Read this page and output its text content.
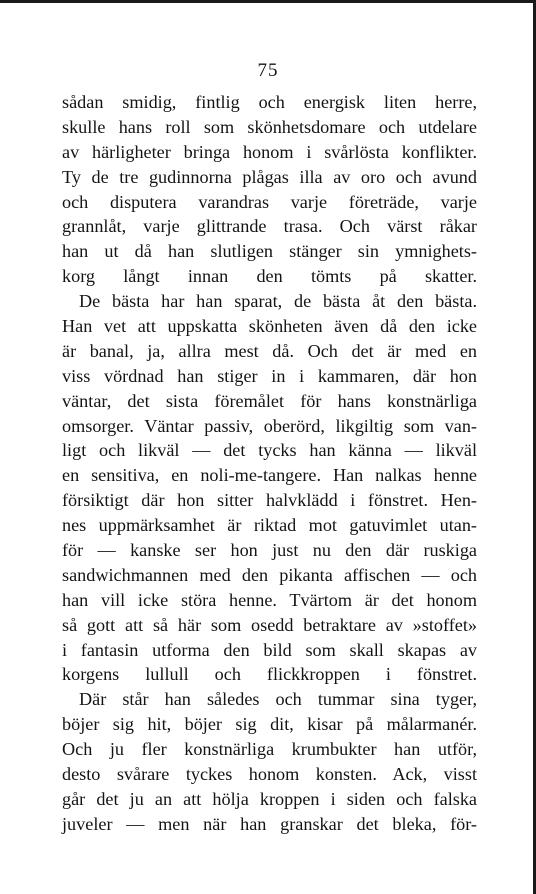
75
sådan smidig, fintlig och energisk liten herre,
skulle hans roll som skönhetsdomare och utdelare
av härligheter bringa honom i svårlösta konflikter.
Ty de tre gudinnorna plågas illa av oro och avund
och disputera varandras varje företräde, varje
grannlåt, varje glittrande trasa. Och värst råkar
han ut då han slutligen stänger sin ymnighets-
korg långt innan den tömts på skatter.
De bästa har han sparat, de bästa åt den bästa.
Han vet att uppskatta skönheten även då den icke
är banal, ja, allra mest då. Och det är med en
viss vördnad han stiger in i kammaren, där hon
väntar, det sista föremålet för hans konstnärliga
omsorger. Väntar passiv, oberörd, likgiltig som van-
ligt och likväl — det tycks han känna — likväl
en sensitiva, en noli-me-tangere. Han nalkas henne
försiktigt där hon sitter halvklädd i fönstret. Hen-
nes uppmärksamhet är riktad mot gatuvimlet utan-
för — kanske ser hon just nu den där ruskiga
sandwichmannen med den pikanta affischen — och
han vill icke störa henne. Tvärtom är det honom
så gott att så här som osedd betraktare av »stoffet»
i fantasin utforma den bild som skall skapas av
korgens lullull och flickkroppen i fönstret.
Där står han således och tummar sina tyger,
böjer sig hit, böjer sig dit, kisar på målarmanér.
Och ju fler konstnärliga krumbukter han utför,
desto svårare tyckes honom konsten. Ack, visst
går det ju an att hölja kroppen i siden och falska
juveler — men när han granskar det bleka, för-
